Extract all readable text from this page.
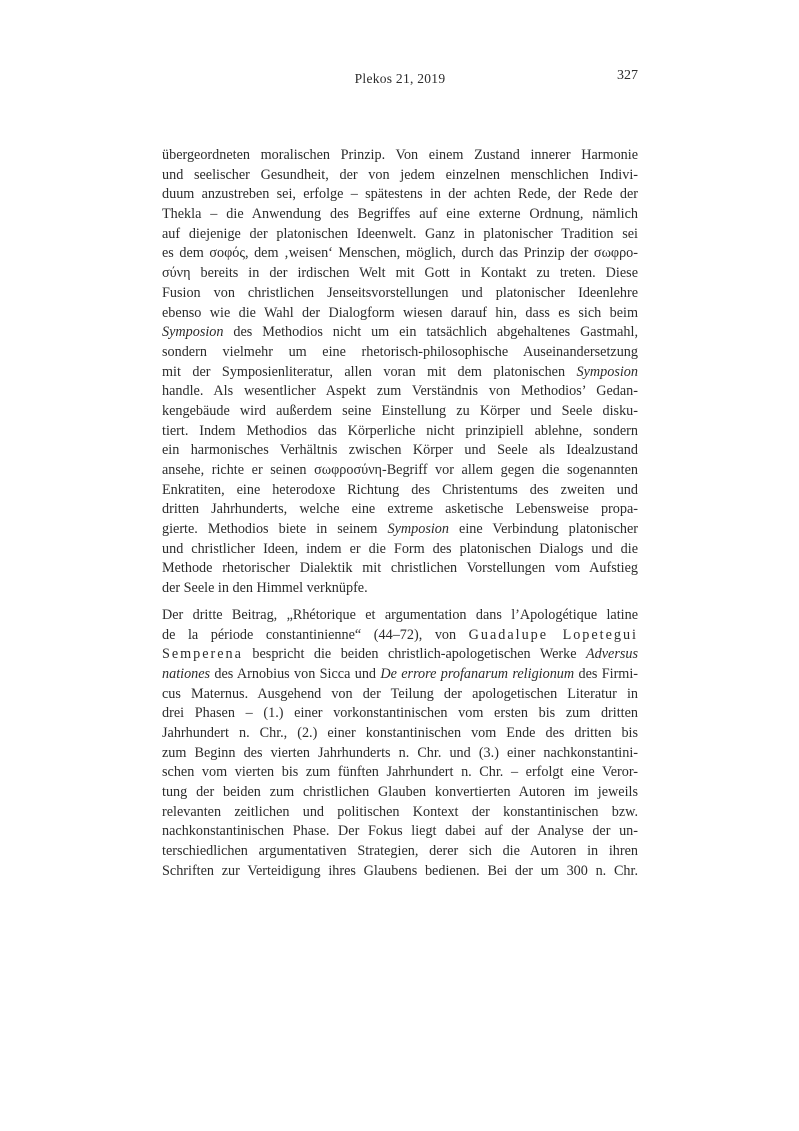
Plekos 21, 2019	327
übergeordneten moralischen Prinzip. Von einem Zustand innerer Harmonie
und seelischer Gesundheit, der von jedem einzelnen menschlichen Indivi-
duum anzustreben sei, erfolge – spätestens in der achten Rede, der Rede der
Thekla – die Anwendung des Begriffes auf eine externe Ordnung, nämlich
auf diejenige der platonischen Ideenwelt. Ganz in platonischer Tradition sei
es dem σοφός, dem ‚weisen‘ Menschen, möglich, durch das Prinzip der σωφρο-
σύνη bereits in der irdischen Welt mit Gott in Kontakt zu treten. Diese
Fusion von christlichen Jenseitsvorstellungen und platonischer Ideenlehre
ebenso wie die Wahl der Dialogform wiesen darauf hin, dass es sich beim
Symposion des Methodios nicht um ein tatsächlich abgehaltenes Gastmahl,
sondern vielmehr um eine rhetorisch-philosophische Auseinandersetzung
mit der Symposienliteratur, allen voran mit dem platonischen Symposion
handle. Als wesentlicher Aspekt zum Verständnis von Methodios’ Gedan-
kengebäude wird außerdem seine Einstellung zu Körper und Seele disku-
tiert. Indem Methodios das Körperliche nicht prinzipiell ablehne, sondern
ein harmonisches Verhältnis zwischen Körper und Seele als Idealzustand
ansehe, richte er seinen σωφροσύνη-Begriff vor allem gegen die sogenannten
Enkratiten, eine heterodoxe Richtung des Christentums des zweiten und
dritten Jahrhunderts, welche eine extreme asketische Lebensweise propa-
gierte. Methodios biete in seinem Symposion eine Verbindung platonischer
und christlicher Ideen, indem er die Form des platonischen Dialogs und die
Methode rhetorischer Dialektik mit christlichen Vorstellungen vom Aufstieg
der Seele in den Himmel verknüpfe.
Der dritte Beitrag, „Rhétorique et argumentation dans l’Apologétique latine
de la période constantinienne“ (44–72), von Guadalupe Lopetegui
Semperena bespricht die beiden christlich-apologetischen Werke Adversus
nationes des Arnobius von Sicca und De errore profanarum religionum des Firmi-
cus Maternus. Ausgehend von der Teilung der apologetischen Literatur in
drei Phasen – (1.) einer vorkonstantinischen vom ersten bis zum dritten
Jahrhundert n. Chr., (2.) einer konstantinischen vom Ende des dritten bis
zum Beginn des vierten Jahrhunderts n. Chr. und (3.) einer nachkonstantini-
schen vom vierten bis zum fünften Jahrhundert n. Chr. – erfolgt eine Veror-
tung der beiden zum christlichen Glauben konvertierten Autoren im jeweils
relevanten zeitlichen und politischen Kontext der konstantinischen bzw.
nachkonstantinischen Phase. Der Fokus liegt dabei auf der Analyse der un-
terschiedlichen argumentativen Strategien, derer sich die Autoren in ihren
Schriften zur Verteidigung ihres Glaubens bedienen. Bei der um 300 n. Chr.
